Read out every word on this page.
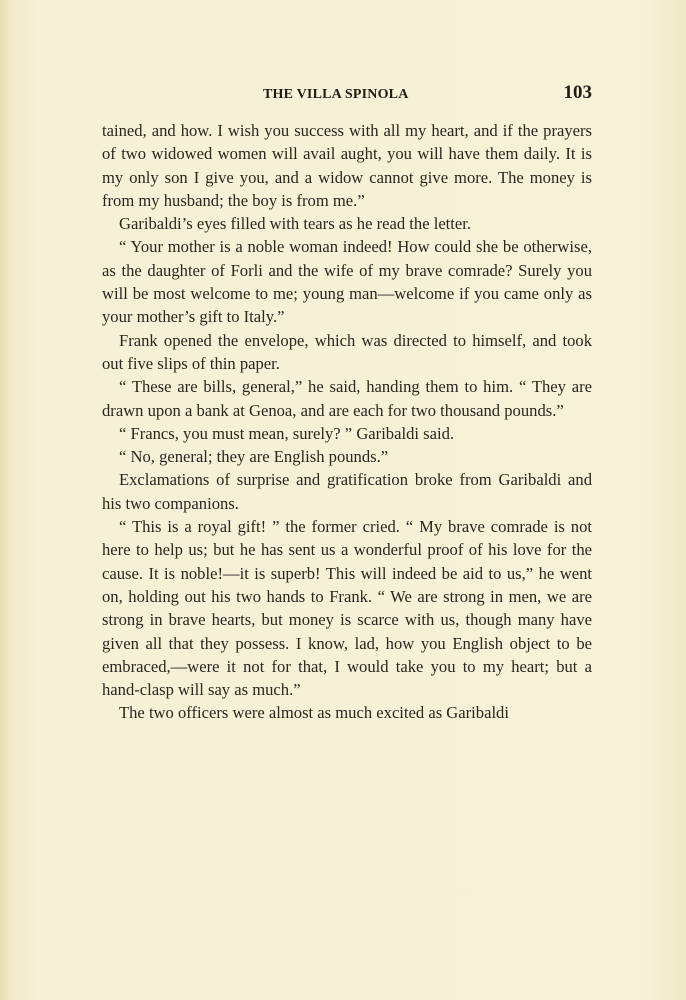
THE VILLA SPINOLA	103

tained, and how. I wish you success with all my heart, and if the prayers of two widowed women will avail aught, you will have them daily. It is my only son I give you, and a widow cannot give more. The money is from my husband; the boy is from me.”

Garibaldi’s eyes filled with tears as he read the letter.

“ Your mother is a noble woman indeed! How could she be otherwise, as the daughter of Forli and the wife of my brave comrade? Surely you will be most welcome to me; young man—welcome if you came only as your mother’s gift to Italy.”

Frank opened the envelope, which was directed to himself, and took out five slips of thin paper.

“ These are bills, general,” he said, handing them to him. “ They are drawn upon a bank at Genoa, and are each for two thousand pounds.”

“ Francs, you must mean, surely? ” Garibaldi said.

“ No, general; they are English pounds.”

Exclamations of surprise and gratification broke from Garibaldi and his two companions.

“ This is a royal gift! ” the former cried. “ My brave comrade is not here to help us; but he has sent us a wonderful proof of his love for the cause. It is noble!—it is superb! This will indeed be aid to us,” he went on, holding out his two hands to Frank. “ We are strong in men, we are strong in brave hearts, but money is scarce with us, though many have given all that they possess. I know, lad, how you English object to be embraced,—were it not for that, I would take you to my heart; but a hand-clasp will say as much.”

The two officers were almost as much excited as Garibaldi
